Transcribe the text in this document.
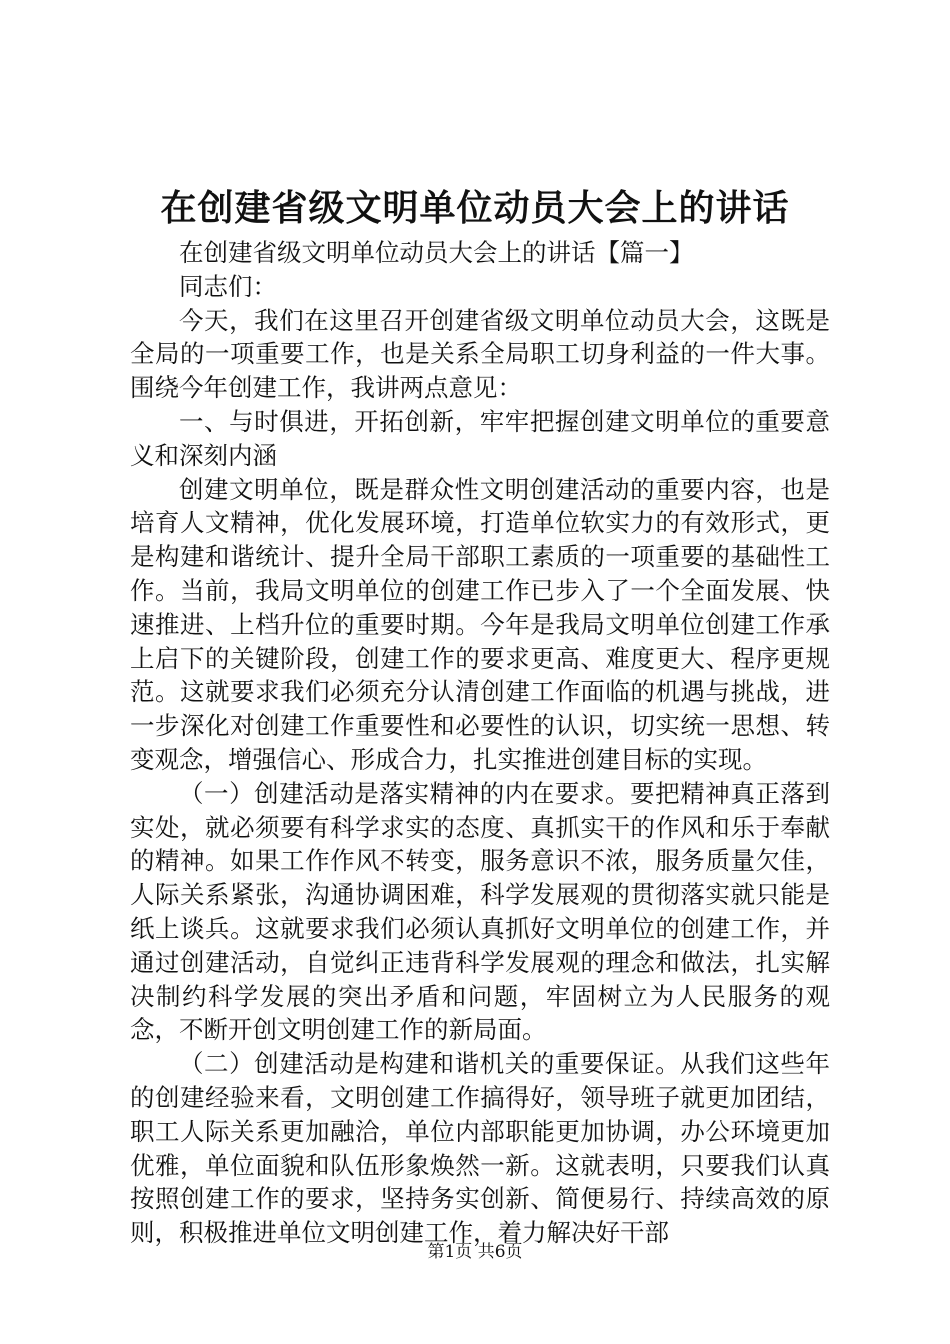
在创建省级文明单位动员大会上的讲话

在创建省级文明单位动员大会上的讲话【篇一】

同志们：

今天，我们在这里召开创建省级文明单位动员大会，这既是全局的一项重要工作，也是关系全局职工切身利益的一件大事。围绕今年创建工作，我讲两点意见：

一、与时俱进，开拓创新，牢牢把握创建文明单位的重要意义和深刻内涵

创建文明单位，既是群众性文明创建活动的重要内容，也是培育人文精神，优化发展环境，打造单位软实力的有效形式，更是构建和谐统计、提升全局干部职工素质的一项重要的基础性工作。当前，我局文明单位的创建工作已步入了一个全面发展、快速推进、上档升位的重要时期。今年是我局文明单位创建工作承上启下的关键阶段，创建工作的要求更高、难度更大、程序更规范。这就要求我们必须充分认清创建工作面临的机遇与挑战，进一步深化对创建工作重要性和必要性的认识，切实统一思想、转变观念，增强信心、形成合力，扎实推进创建目标的实现。

（一）创建活动是落实精神的内在要求。要把精神真正落到实处，就必须要有科学求实的态度、真抓实干的作风和乐于奉献的精神。如果工作作风不转变，服务意识不浓，服务质量欠佳，人际关系紧张，沟通协调困难，科学发展观的贯彻落实就只能是纸上谈兵。这就要求我们必须认真抓好文明单位的创建工作，并通过创建活动，自觉纠正违背科学发展观的理念和做法，扎实解决制约科学发展的突出矛盾和问题，牢固树立为人民服务的观念，不断开创文明创建工作的新局面。

（二）创建活动是构建和谐机关的重要保证。从我们这些年的创建经验来看，文明创建工作搞得好，领导班子就更加团结，职工人际关系更加融洽，单位内部职能更加协调，办公环境更加优雅，单位面貌和队伍形象焕然一新。这就表明，只要我们认真按照创建工作的要求，坚持务实创新、简便易行、持续高效的原则，积极推进单位文明创建工作，着力解决好干部

第1页 共6页
